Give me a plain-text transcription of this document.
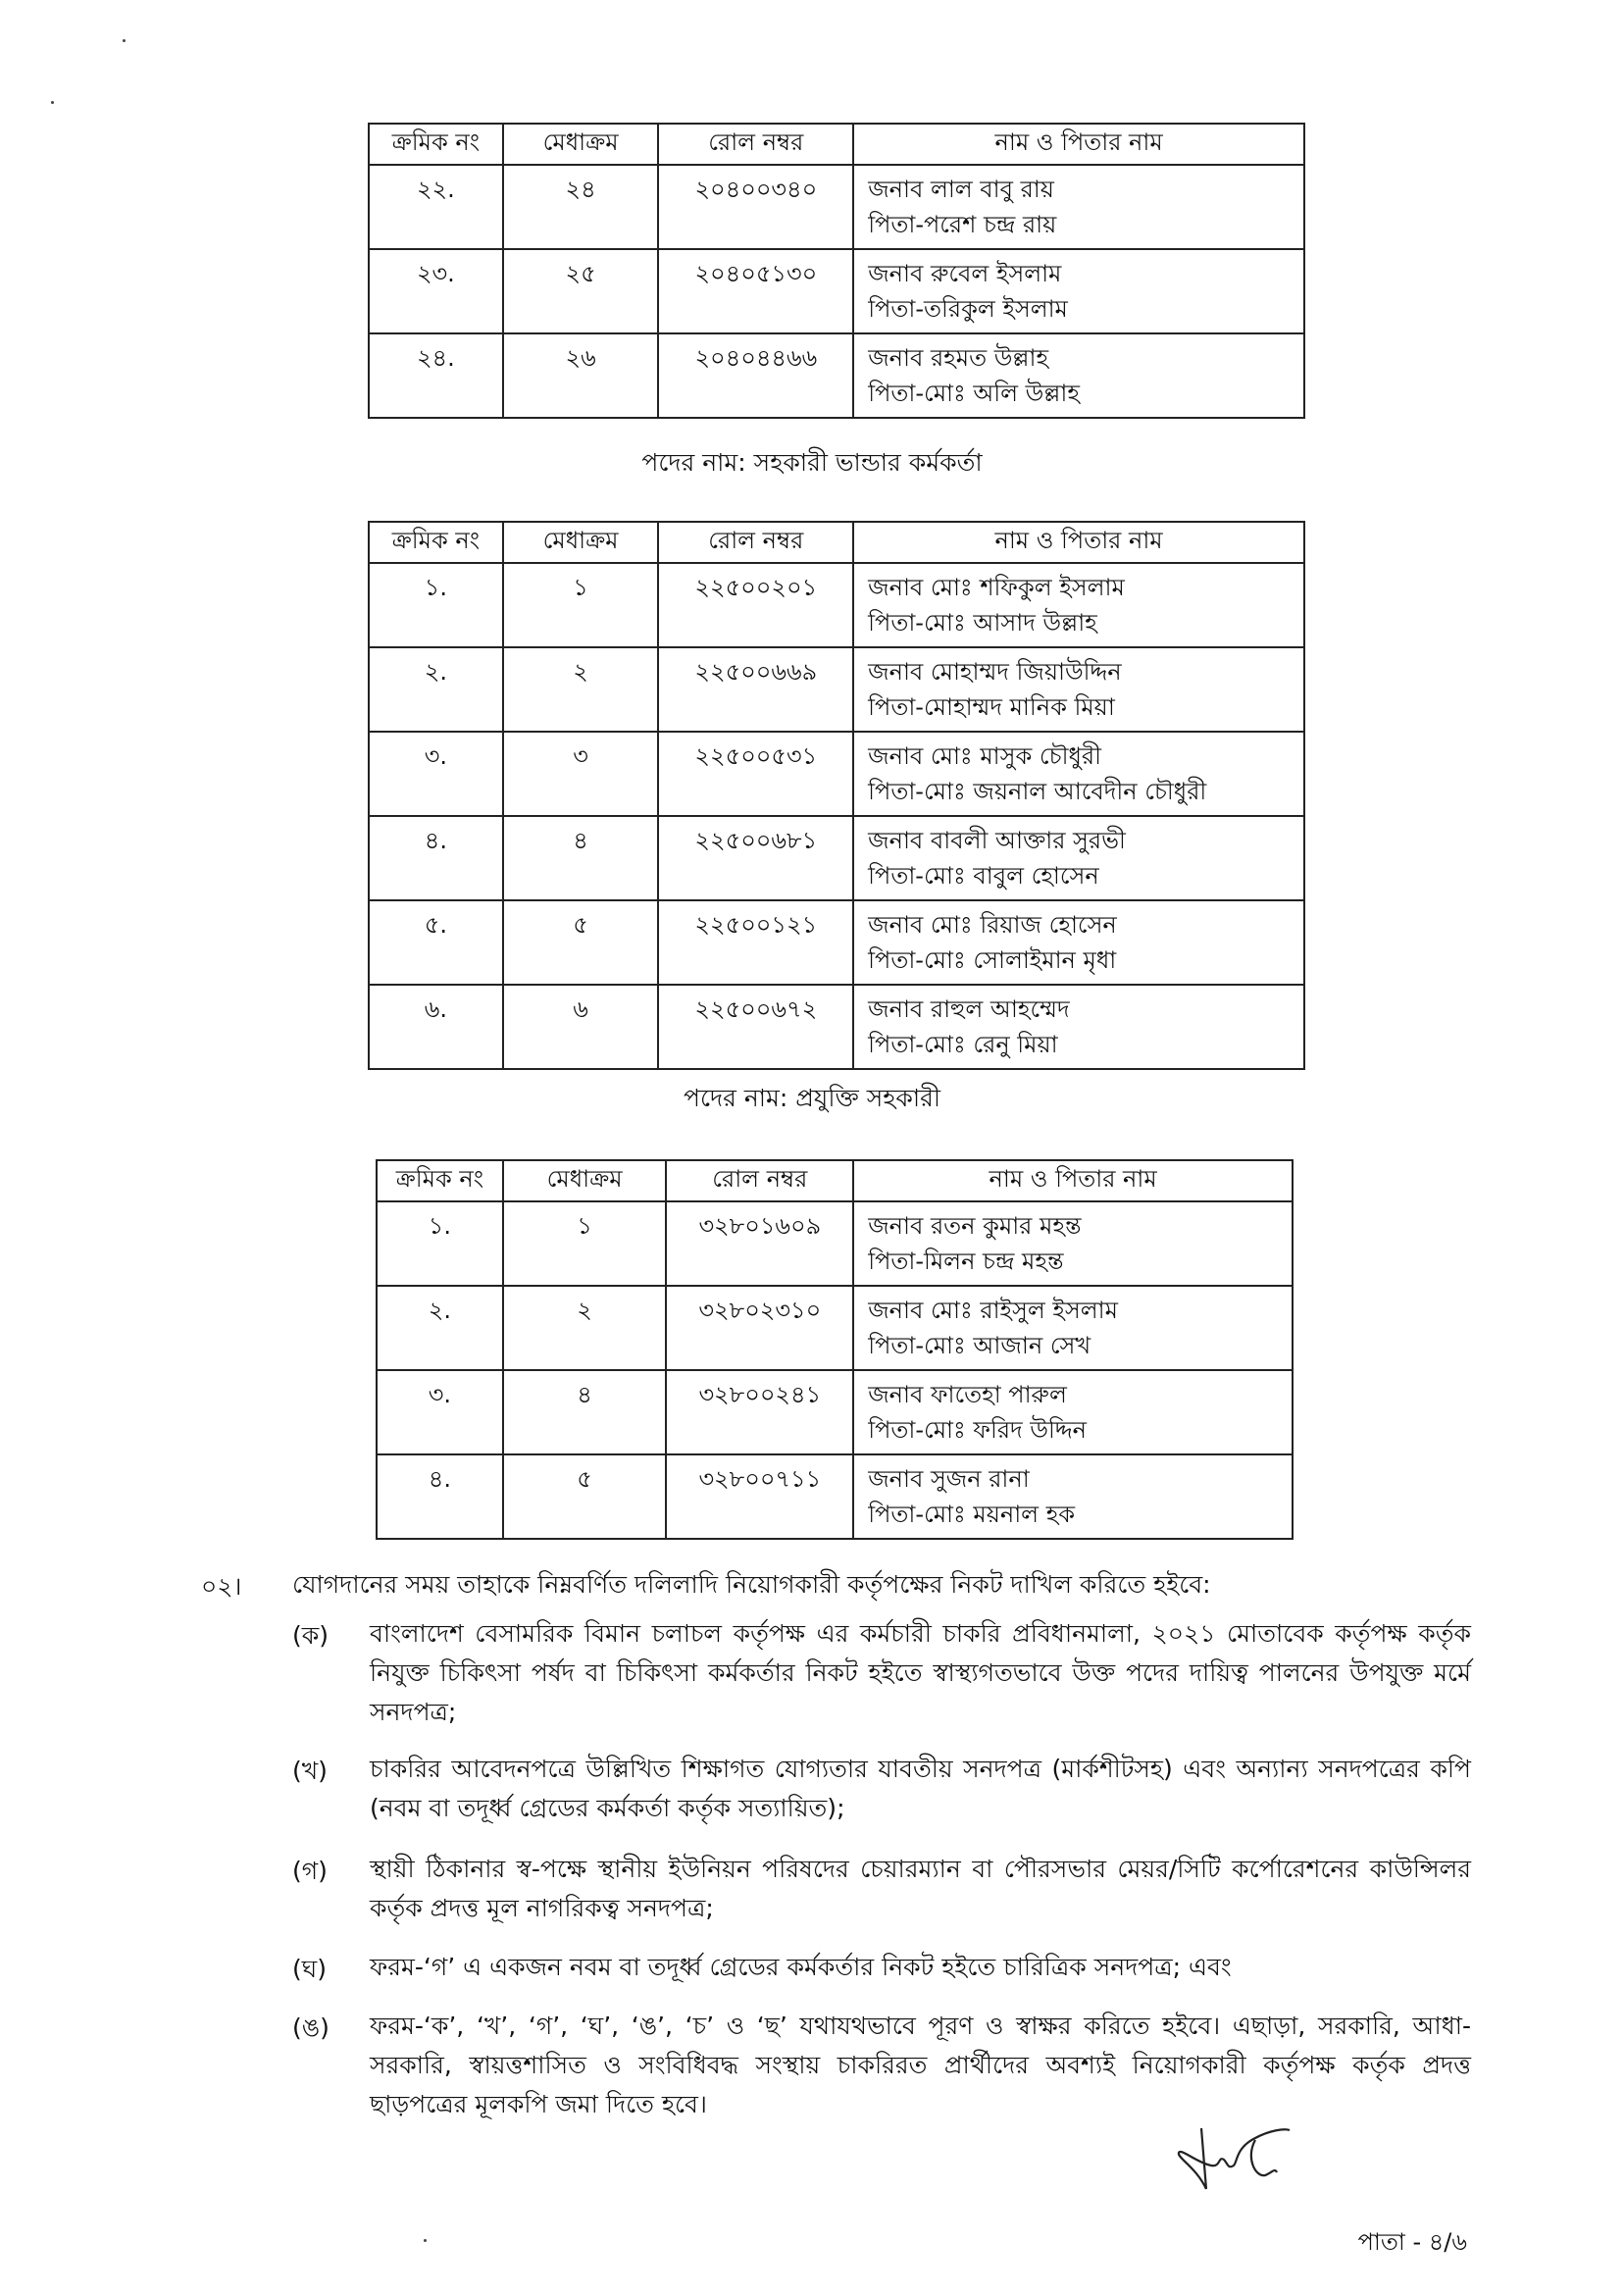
ক্রমিক নং	মেধাক্রম	রোল নম্বর	নাম ও পিতার নাম
২২.	২৪	২০৪০০৩৪০	জনাব লাল বাবু রায়
পিতা-পরেশ চন্দ্র রায়

২৩.	২৫	২০৪০৫১৩০	জনাব রুবেল ইসলাম
পিতা-তরিকুল ইসলাম

২৪.	২৬	২০৪০৪৪৬৬	জনাব রহমত উল্লাহ
পিতা-মোঃ অলি উল্লাহ
পদের নাম: সহকারী ভান্ডার কর্মকর্তা
ক্রমিক নং	মেধাক্রম	রোল নম্বর	নাম ও পিতার নাম
১.	১	২২৫০০২০১	জনাব মোঃ শফিকুল ইসলাম
পিতা-মোঃ আসাদ উল্লাহ

২.	২	২২৫০০৬৬৯	জনাব মোহাম্মদ জিয়াউদ্দিন
পিতা-মোহাম্মদ মানিক মিয়া

৩.	৩	২২৫০০৫৩১	জনাব মোঃ মাসুক চৌধুরী
পিতা-মোঃ জয়নাল আবেদীন চৌধুরী

৪.	৪	২২৫০০৬৮১	জনাব বাবলী আক্তার সুরভী
পিতা-মোঃ বাবুল হোসেন

৫.	৫	২২৫০০১২১	জনাব মোঃ রিয়াজ হোসেন
পিতা-মোঃ সোলাইমান মৃধা

৬.	৬	২২৫০০৬৭২	জনাব রাহুল আহম্মেদ
পিতা-মোঃ রেনু মিয়া
পদের নাম: প্রযুক্তি সহকারী
ক্রমিক নং	মেধাক্রম	রোল নম্বর	নাম ও পিতার নাম
১.	১	৩২৮০১৬০৯	জনাব রতন কুমার মহন্ত
পিতা-মিলন চন্দ্র মহন্ত

২.	২	৩২৮০২৩১০	জনাব মোঃ রাইসুল ইসলাম
পিতা-মোঃ আজান সেখ

৩.	৪	৩২৮০০২৪১	জনাব ফাতেহা পারুল
পিতা-মোঃ ফরিদ উদ্দিন

৪.	৫	৩২৮০০৭১১	জনাব সুজন রানা
পিতা-মোঃ ময়নাল হক
০২। যোগদানের সময় তাহাকে নিম্নবর্ণিত দলিলাদি নিয়োগকারী কর্তৃপক্ষের নিকট দাখিল করিতে হইবে:
(ক) বাংলাদেশ বেসামরিক বিমান চলাচল কর্তৃপক্ষ এর কর্মচারী চাকরি প্রবিধানমালা, ২০২১ মোতাবেক কর্তৃপক্ষ কর্তৃক নিযুক্ত চিকিৎসা পর্ষদ বা চিকিৎসা কর্মকর্তার নিকট হইতে স্বাস্থ্যগতভাবে উক্ত পদের দায়িত্ব পালনের উপযুক্ত মর্মে সনদপত্র;
(খ) চাকরির আবেদনপত্রে উল্লিখিত শিক্ষাগত যোগ্যতার যাবতীয় সনদপত্র (মার্কশীটসহ) এবং অন্যান্য সনদপত্রের কপি (নবম বা তদূর্ধ্ব গ্রেডের কর্মকর্তা কর্তৃক সত্যায়িত);
(গ) স্থায়ী ঠিকানার স্ব-পক্ষে স্থানীয় ইউনিয়ন পরিষদের চেয়ারম্যান বা পৌরসভার মেয়র/সিটি কর্পোরেশনের কাউন্সিলর কর্তৃক প্রদত্ত মূল নাগরিকত্ব সনদপত্র;
(ঘ) ফরম-‘গ’ এ একজন নবম বা তদূর্ধ্ব গ্রেডের কর্মকর্তার নিকট হইতে চারিত্রিক সনদপত্র; এবং
(ঙ) ফরম-‘ক’, ‘খ’, ‘গ’, ‘ঘ’, ‘ঙ’, ‘চ’ ও ‘ছ’ যথাযথভাবে পূরণ ও স্বাক্ষর করিতে হইবে। এছাড়া, সরকারি, আধা-সরকারি, স্বায়ত্তশাসিত ও সংবিধিবদ্ধ সংস্থায় চাকরিরত প্রার্থীদের অবশ্যই নিয়োগকারী কর্তৃপক্ষ কর্তৃক প্রদত্ত ছাড়পত্রের মূলকপি জমা দিতে হবে।
পাতা - ৪/৬
